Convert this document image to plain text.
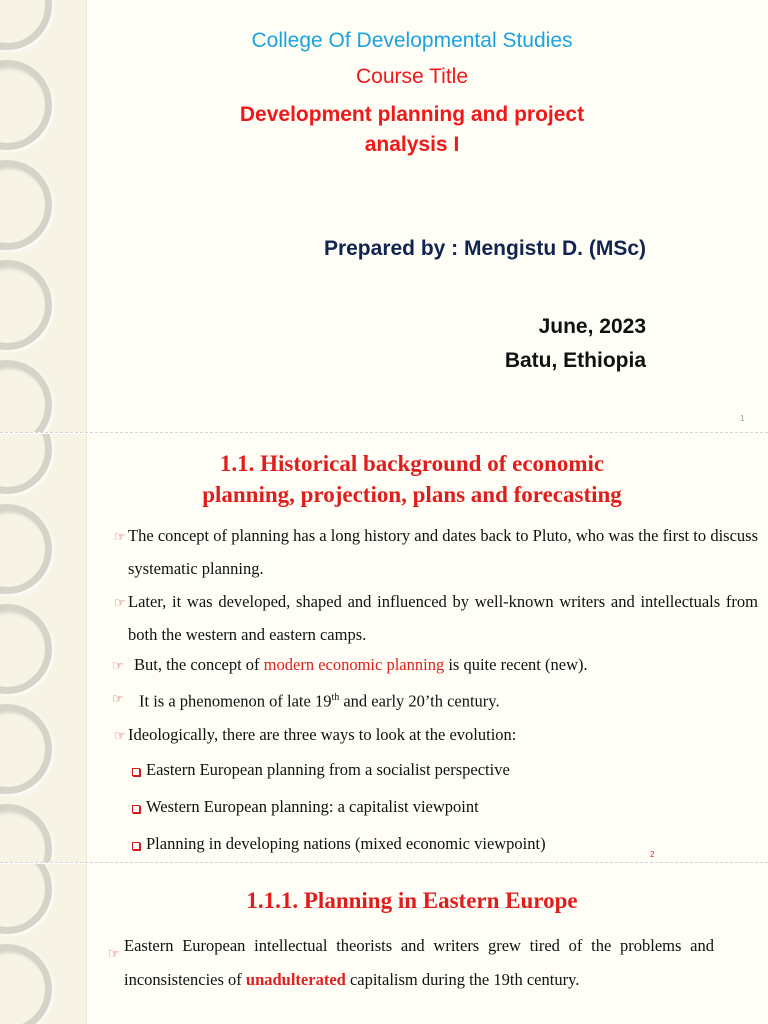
College Of Developmental Studies
Course Title
Development planning and project
analysis I
Prepared by : Mengistu D. (MSc)
June, 2023
Batu, Ethiopia
1
1.1. Historical background of economic
planning, projection, plans and forecasting
☞ The concept of planning has a long history and dates back to Pluto, who was the first to discuss systematic planning.
☞ Later, it was developed, shaped and influenced by well-known writers and intellectuals from both the western and eastern camps.
☞ But, the concept of modern economic planning is quite recent (new).
☞ It is a phenomenon of late 19th and early 20’th century.
☞ Ideologically, there are three ways to look at the evolution:
Eastern European planning from a socialist perspective
Western European planning: a capitalist viewpoint
Planning in developing nations (mixed economic viewpoint)
2
1.1.1. Planning in Eastern Europe
☞ Eastern European intellectual theorists and writers grew tired of the problems and inconsistencies of unadulterated capitalism during the 19th century.
